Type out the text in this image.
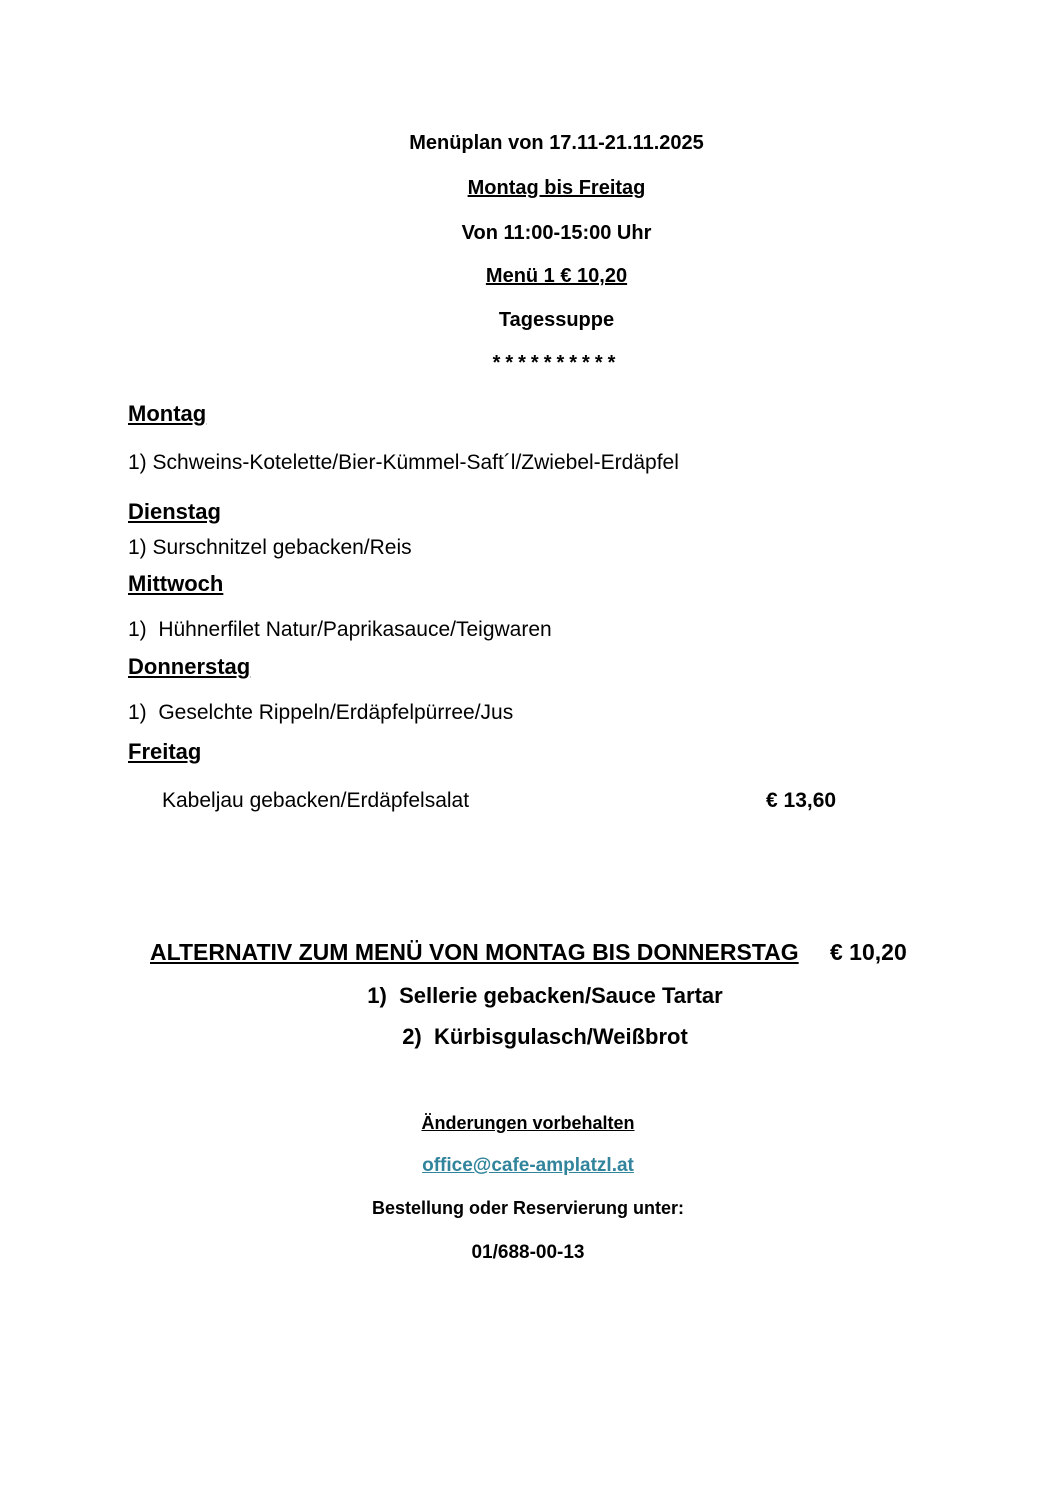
Menüplan von 17.11-21.11.2025
Montag bis Freitag
Von 11:00-15:00 Uhr
Menü 1 € 10,20
Tagessuppe
**********
Montag
1) Schweins-Kotelette/Bier-Kümmel-Saft´l/Zwiebel-Erdäpfel
Dienstag
1) Surschnitzel gebacken/Reis
Mittwoch
1)  Hühnerfilet Natur/Paprikasauce/Teigwaren
Donnerstag
1)  Geselchte Rippeln/Erdäpfelpürree/Jus
Freitag
Kabeljau gebacken/Erdäpfelsalat	€ 13,60
ALTERNATIV ZUM MENÜ VON MONTAG BIS DONNERSTAG € 10,20
1)  Sellerie gebacken/Sauce Tartar
2)  Kürbisgulasch/Weißbrot
Änderungen vorbehalten

office@cafe-amplatzl.at
Bestellung oder Reservierung unter:
01/688-00-13
